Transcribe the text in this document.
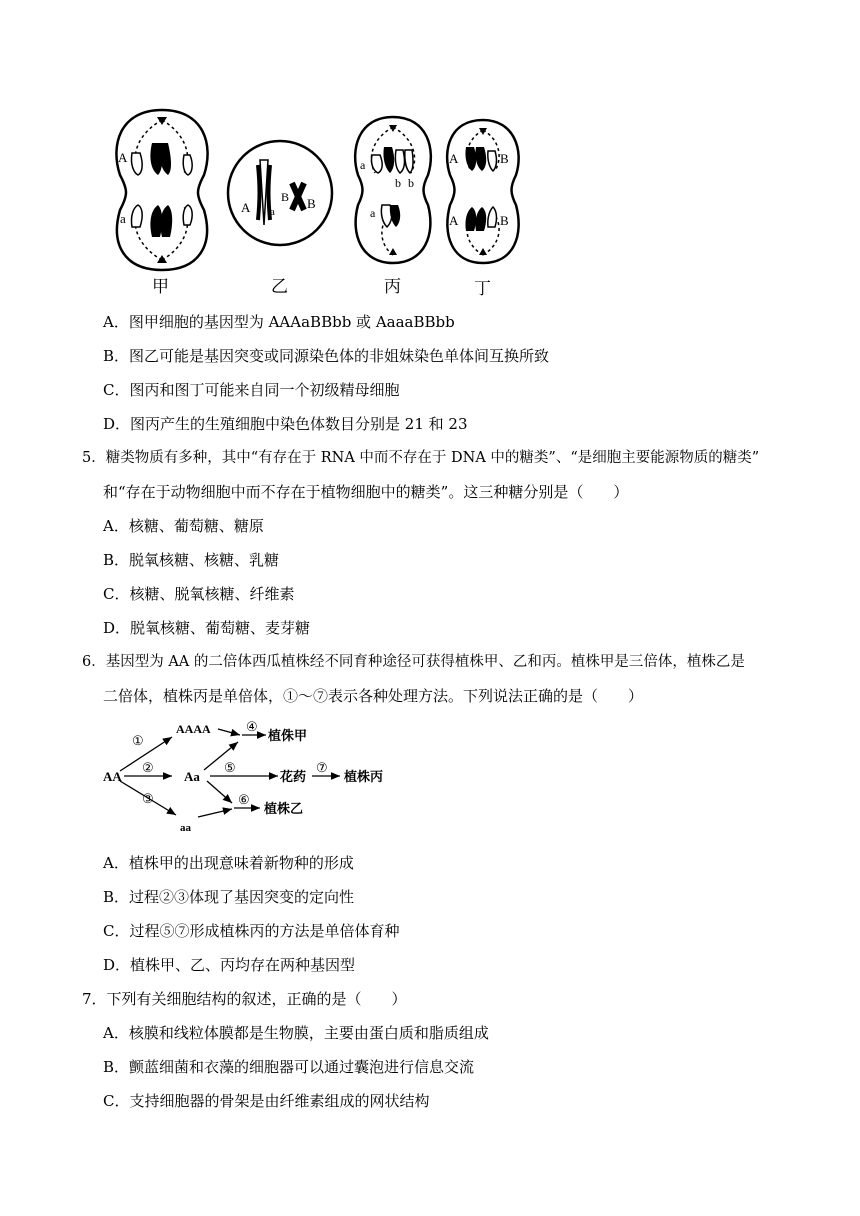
A
a
A a
B B
a
b b
a
A	B
A	B
甲	乙	丙	丁
A．图甲细胞的基因型为 AAAaBBbb 或 AaaaBBbb
B．图乙可能是基因突变或同源染色体的非姐妹染色单体间互换所致
C．图丙和图丁可能来自同一个初级精母细胞
D．图丙产生的生殖细胞中染色体数目分别是 21 和 23
5．糖类物质有多种，其中“有存在于 RNA 中而不存在于 DNA 中的糖类”、“是细胞主要能源物质的糖类”
和“存在于动物细胞中而不存在于植物细胞中的糖类”。这三种糖分别是（　　）
A．核糖、葡萄糖、糖原
B．脱氧核糖、核糖、乳糖
C．核糖、脱氧核糖、纤维素
D．脱氧核糖、葡萄糖、麦芽糖
6．基因型为 AA 的二倍体西瓜植株经不同育种途径可获得植株甲、乙和丙。植株甲是三倍体，植株乙是
二倍体，植株丙是单倍体，①～⑦表示各种处理方法。下列说法正确的是（　　）
AA
AAAA
Aa
aa
植侏甲
花药	植株丙
植株乙
①
②
③
④
⑤
⑥
⑦
A．植株甲的出现意味着新物种的形成
B．过程②③体现了基因突变的定向性
C．过程⑤⑦形成植株丙的方法是单倍体育种
D．植株甲、乙、丙均存在两种基因型
7．下列有关细胞结构的叙述，正确的是（　　）
A．核膜和线粒体膜都是生物膜，主要由蛋白质和脂质组成
B．颤蓝细菌和衣藻的细胞器可以通过囊泡进行信息交流
C．支持细胞器的骨架是由纤维素组成的网状结构
